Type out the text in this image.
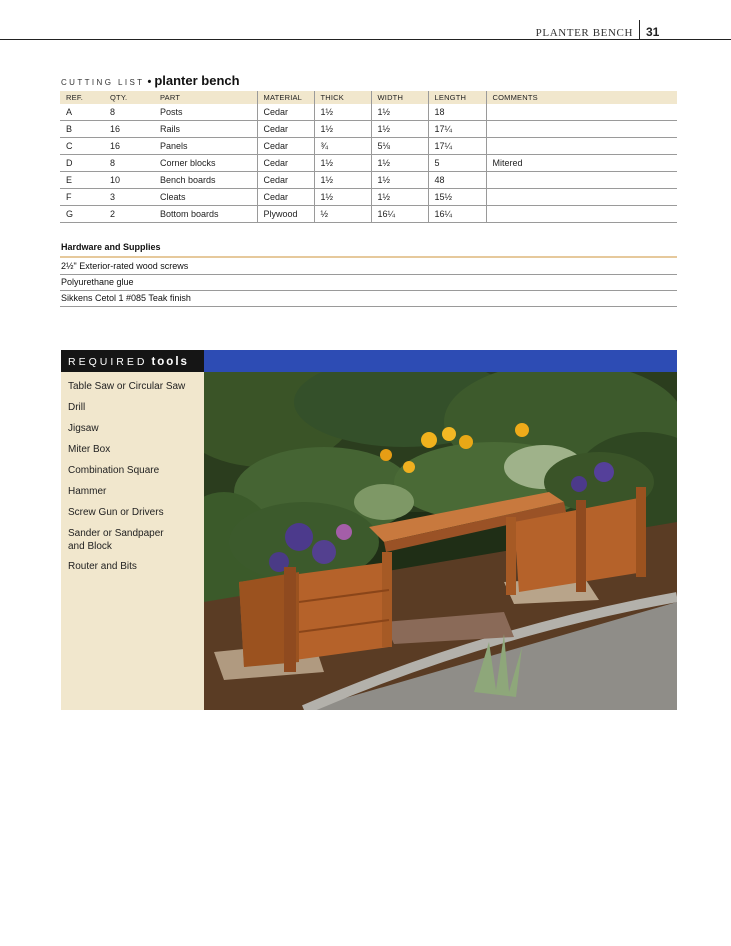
PLANTER BENCH 31
CUTTING LIST • planter bench
REF.	QTY.	PART	MATERIAL	THICK	WIDTH	LENGTH	COMMENTS
A	8	Posts	Cedar	1½	1½	18	
B	16	Rails	Cedar	1½	1½	17¼	
C	16	Panels	Cedar	¾	5⅛	17¼	
D	8	Corner blocks	Cedar	1½	1½	5	Mitered
E	10	Bench boards	Cedar	1½	1½	48	
F	3	Cleats	Cedar	1½	1½	15½	
G	2	Bottom boards	Plywood	½	16¼	16¼	
Hardware and Supplies
2½" Exterior-rated wood screws
Polyurethane glue
Sikkens Cetol 1 #085 Teak finish
REQUIRED tools
Table Saw or Circular Saw
Drill
Jigsaw
Miter Box
Combination Square
Hammer
Screw Gun or Drivers
Sander or Sandpaper and Block
Router and Bits
